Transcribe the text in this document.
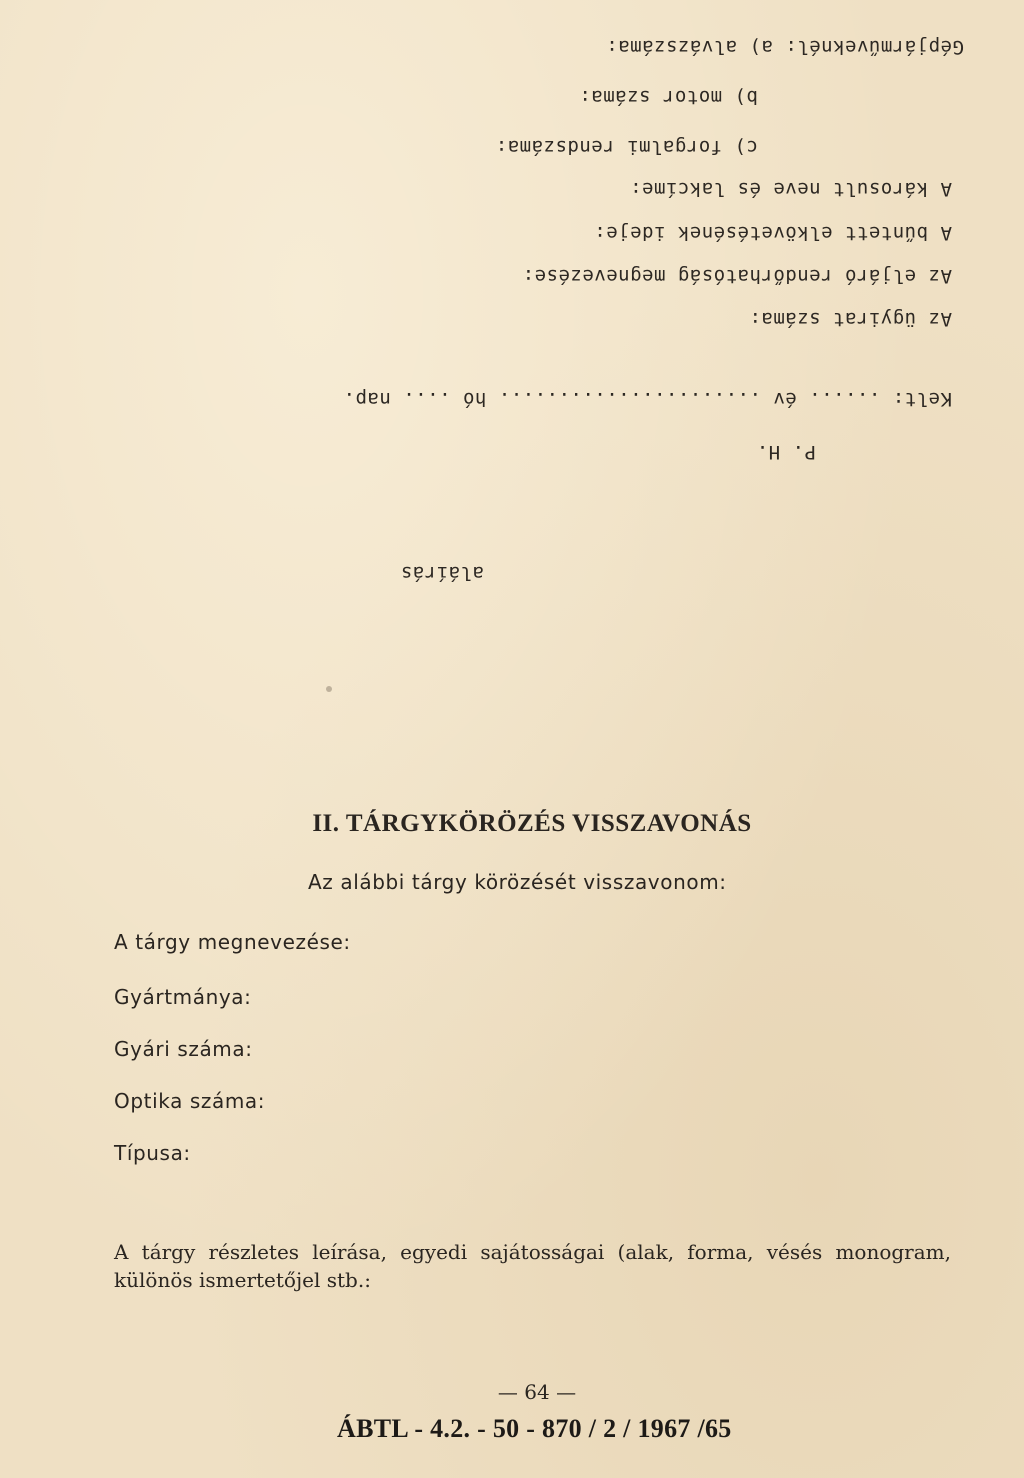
Gépjárműveknél: a) alvázszáma:
b) motor száma:
c) forgalmi rendszáma:
A károsult neve és lakcíme:
A bűntett elkövetésének ideje:
Az eljáró rendőrhatóság megnevezése:
Az ügyirat száma:
Kelt: ...... év ...................... hó .... nap.
P. H.
aláírás
II. TÁRGYKÖRÖZÉS VISSZAVONÁS
Az alábbi tárgy körözését visszavonom:
A tárgy megnevezése:
Gyártmánya:
Gyári száma:
Optika száma:
Típusa:
A tárgy részletes leírása, egyedi sajátosságai (alak, forma, vésés monogram, különös ismertetőjel stb.:
— 64 —
ÁBTL - 4.2. - 50 - 870 / 2 / 1967 /65
